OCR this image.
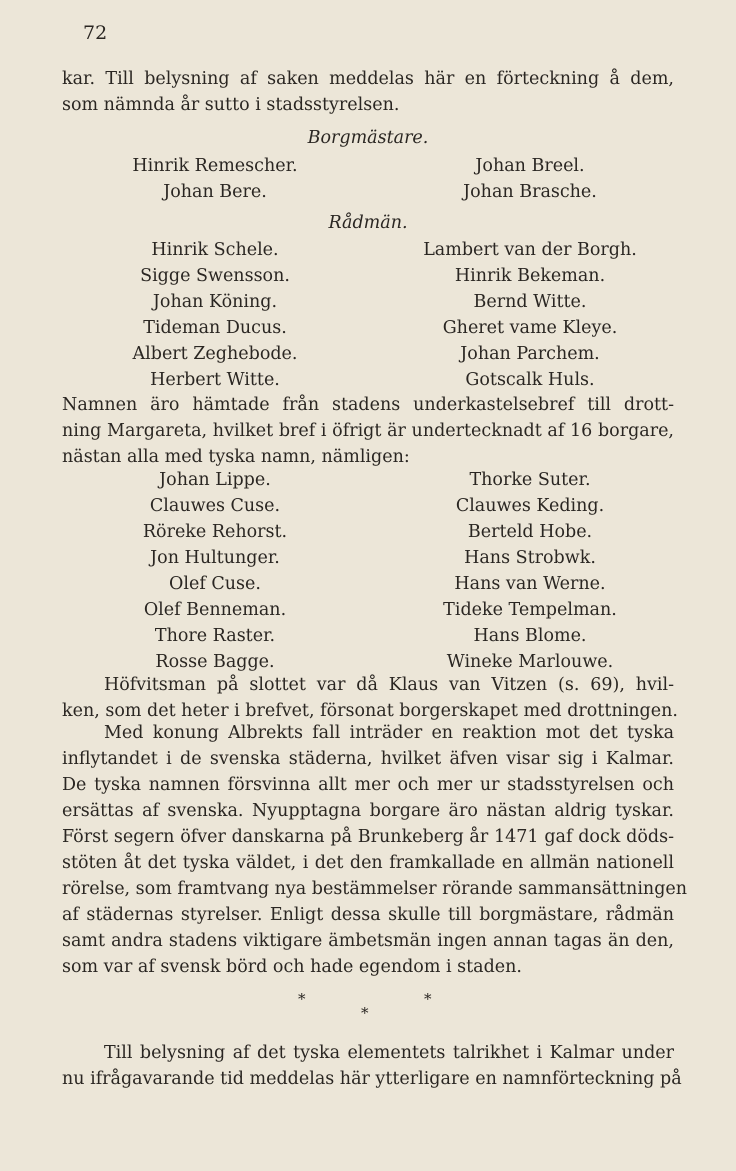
72
kar. Till belysning af saken meddelas här en förteckning å dem,
som nämnda år sutto i stadsstyrelsen.
Borgmästare.
Hinrik Remescher.
Johan Bere.
Johan Breel.
Johan Brasche.
Rådmän.
Hinrik Schele.
Sigge Swensson.
Johan Köning.
Tideman Ducus.
Albert Zeghebode.
Herbert Witte.
Lambert van der Borgh.
Hinrik Bekeman.
Bernd Witte.
Gheret vame Kleye.
Johan Parchem.
Gotscalk Huls.
Namnen äro hämtade från stadens underkastelsebref till drott-
ning Margareta, hvilket bref i öfrigt är undertecknadt af 16 borgare,
nästan alla med tyska namn, nämligen:
Johan Lippe.
Clauwes Cuse.
Röreke Rehorst.
Jon Hultunger.
Olef Cuse.
Olef Benneman.
Thore Raster.
Rosse Bagge.
Thorke Suter.
Clauwes Keding.
Berteld Hobe.
Hans Strobwk.
Hans van Werne.
Tideke Tempelman.
Hans Blome.
Wineke Marlouwe.
Höfvitsman på slottet var då Klaus van Vitzen (s. 69), hvil-
ken, som det heter i brefvet, försonat borgerskapet med drottningen.
Med konung Albrekts fall inträder en reaktion mot det tyska
inflytandet i de svenska städerna, hvilket äfven visar sig i Kalmar.
De tyska namnen försvinna allt mer och mer ur stadsstyrelsen och
ersättas af svenska. Nyupptagna borgare äro nästan aldrig tyskar.
Först segern öfver danskarna på Brunkeberg år 1471 gaf dock döds-
stöten åt det tyska väldet, i det den framkallade en allmän nationell
rörelse, som framtvang nya bestämmelser rörande sammansättningen
af städernas styrelser. Enligt dessa skulle till borgmästare, rådmän
samt andra stadens viktigare ämbetsmän ingen annan tagas än den,
som var af svensk börd och hade egendom i staden.
*	*
*
Till belysning af det tyska elementets talrikhet i Kalmar under
nu ifrågavarande tid meddelas här ytterligare en namnförteckning på
